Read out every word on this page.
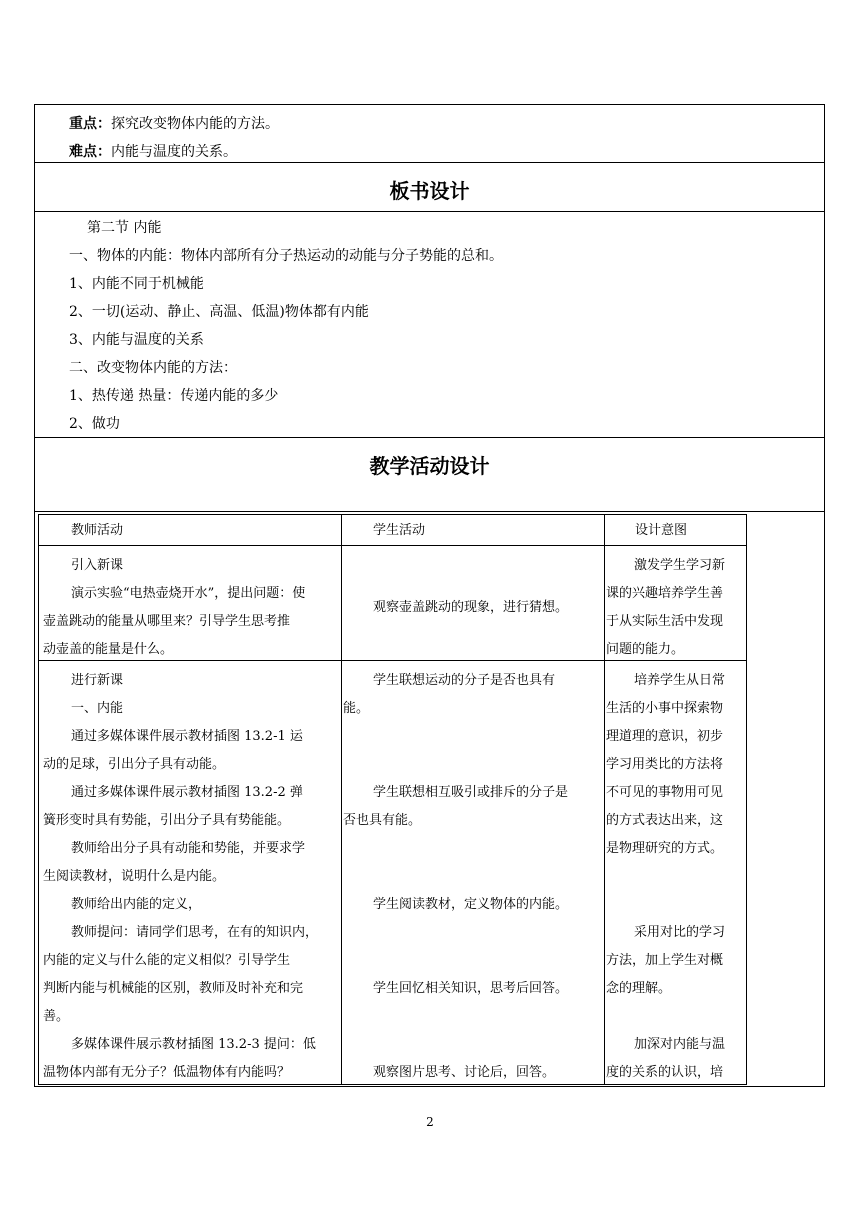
重点：探究改变物体内能的方法。
难点：内能与温度的关系。
板书设计
第二节 内能
一、物体的内能：物体内部所有分子热运动的动能与分子势能的总和。
1、内能不同于机械能
2、一切(运动、静止、高温、低温)物体都有内能
3、内能与温度的关系
二、改变物体内能的方法：
1、热传递 热量：传递内能的多少
2、做功
教学活动设计
教师活动	学生活动	设计意图

引入新课

演示实验“电热壶烧开水”，提出问题：使

壶盖跳动的能量从哪里来？引导学生思考推

动壶盖的能量是什么。

观察壶盖跳动的现象，进行猜想。

激发学生学习新

课的兴趣培养学生善

于从实际生活中发现

问题的能力。

进行新课

一、内能

通过多媒体课件展示教材插图 13.2-1 运

动的足球，引出分子具有动能。

通过多媒体课件展示教材插图 13.2-2 弹

簧形变时具有势能，引出分子具有势能能。

教师给出分子具有动能和势能，并要求学

生阅读教材，说明什么是内能。

教师给出内能的定义，

教师提问：请同学们思考，在有的知识内，

内能的定义与什么能的定义相似？引导学生

判断内能与机械能的区别，教师及时补充和完

善。

多媒体课件展示教材插图 13.2-3 提问：低

温物体内部有无分子？低温物体有内能吗？

学生联想运动的分子是否也具有
能。
学生联想相互吸引或排斥的分子是
否也具有能。
学生阅读教材，定义物体的内能。
学生回忆相关知识，思考后回答。
观察图片思考、讨论后，回答。

培养学生从日常

生活的小事中探索物

理道理的意识，初步

学习用类比的方法将

不可见的事物用可见

的方式表达出来，这

是物理研究的方式。

采用对比的学习

方法，加上学生对概

念的理解。

加深对内能与温

度的关系的认识，培

2
